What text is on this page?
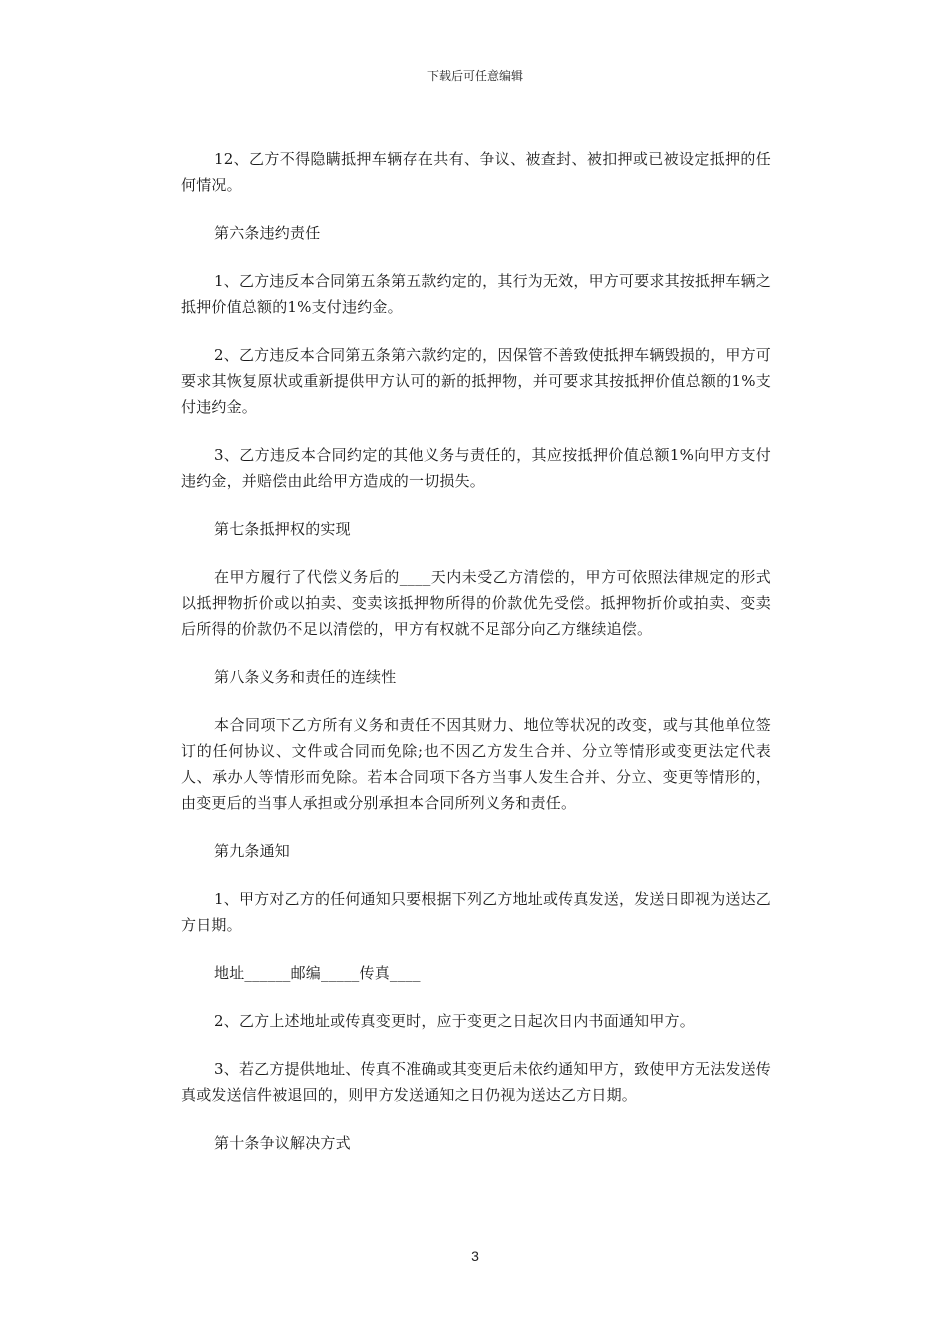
下载后可任意编辑

12、乙方不得隐瞒抵押车辆存在共有、争议、被查封、被扣押或已被设定抵押的任何情况。

第六条违约责任

1、乙方违反本合同第五条第五款约定的，其行为无效，甲方可要求其按抵押车辆之抵押价值总额的1%支付违约金。

2、乙方违反本合同第五条第六款约定的，因保管不善致使抵押车辆毁损的，甲方可要求其恢复原状或重新提供甲方认可的新的抵押物，并可要求其按抵押价值总额的1%支付违约金。

3、乙方违反本合同约定的其他义务与责任的，其应按抵押价值总额1%向甲方支付违约金，并赔偿由此给甲方造成的一切损失。

第七条抵押权的实现

在甲方履行了代偿义务后的____天内未受乙方清偿的，甲方可依照法律规定的形式以抵押物折价或以拍卖、变卖该抵押物所得的价款优先受偿。抵押物折价或拍卖、变卖后所得的价款仍不足以清偿的，甲方有权就不足部分向乙方继续追偿。

第八条义务和责任的连续性

本合同项下乙方所有义务和责任不因其财力、地位等状况的改变，或与其他单位签订的任何协议、文件或合同而免除;也不因乙方发生合并、分立等情形或变更法定代表人、承办人等情形而免除。若本合同项下各方当事人发生合并、分立、变更等情形的，由变更后的当事人承担或分别承担本合同所列义务和责任。

第九条通知

1、甲方对乙方的任何通知只要根据下列乙方地址或传真发送，发送日即视为送达乙方日期。

地址______邮编_____传真____

2、乙方上述地址或传真变更时，应于变更之日起次日内书面通知甲方。

3、若乙方提供地址、传真不准确或其变更后未依约通知甲方，致使甲方无法发送传真或发送信件被退回的，则甲方发送通知之日仍视为送达乙方日期。

第十条争议解决方式

3
